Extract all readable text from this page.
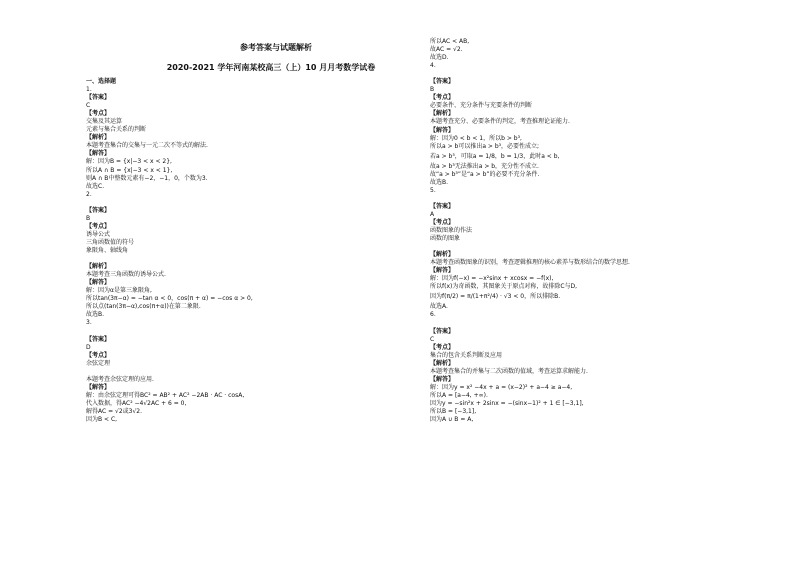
参考答案与试题解析
2020-2021 学年河南某校高三（上）10 月月考数学试卷
一、选择题
1.
【答案】
C
【考点】
交集及其运算
元素与集合关系的判断
【解析】
本题考查集合的交集与一元二次不等式的解法.
【解答】
解：因为B = {x|−3 < x < 2},
所以A ∩ B = {x|−3 < x < 1},
则A ∩ B中整数元素有−2，−1，0，个数为3.
故选C.
2.
【答案】
B
【考点】
诱导公式
三角函数值的符号
象限角、轴线角
【解析】
本题考查三角函数的诱导公式.
【解答】
解：因为α是第三象限角,
所以tan(3π−α) = −tan α < 0，cos(π + α) = −cos α > 0,
所以点(tan(3π−α),cos(π+α))在第二象限.
故选B.
3.
【答案】
D
【考点】
余弦定理
本题考查余弦定理的应用.
【解答】
解：由余弦定理可得BC² = AB² + AC² −2AB · AC · cosA,
代入数据，得AC² −4√2AC + 6 = 0,
解得AC = √2或3√2.
因为B < C,
所以AC < AB,
故AC = √2.
故选D.
4.
【答案】
B
【考点】
必要条件、充分条件与充要条件的判断
【解析】
本题考查充分、必要条件的判定，考查推理论证能力.
【解答】
解：因为0 < b < 1，所以b > b³,
所以a > b可以推出a > b³，必要性成立;
若a > b³，可取a = 1/8，b = 1/3，此时a < b,
故a > b³无法推出a > b，充分性不成立.
故“a > b³”是“a > b”的必要不充分条件.
故选B.
5.
【答案】
A
【考点】
函数图象的作法
函数的图象
【解析】
本题考查函数图象的识别，考查逻辑推理的核心素养与数形结合的数学思想.
【解答】
解：因为f(−x) = −x²sinx + xcosx = −f(x),
所以f(x)为奇函数，其图象关于原点对称，故排除C与D,
因为f(π/2) = π/(1+π²/4) · √3 < 0，所以排除B.
故选A.
6.
【答案】
C
【考点】
集合的包含关系判断及应用
【解析】
本题考查集合的并集与二次函数的值域，考查运算求解能力.
【解答】
解：因为y = x² −4x + a = (x−2)² + a−4 ≥ a−4,
所以A = [a−4, +∞).
因为y = −sin²x + 2sinx = −(sinx−1)² + 1 ∈ [−3,1],
所以B = [−3,1],
因为A ∪ B = A,
